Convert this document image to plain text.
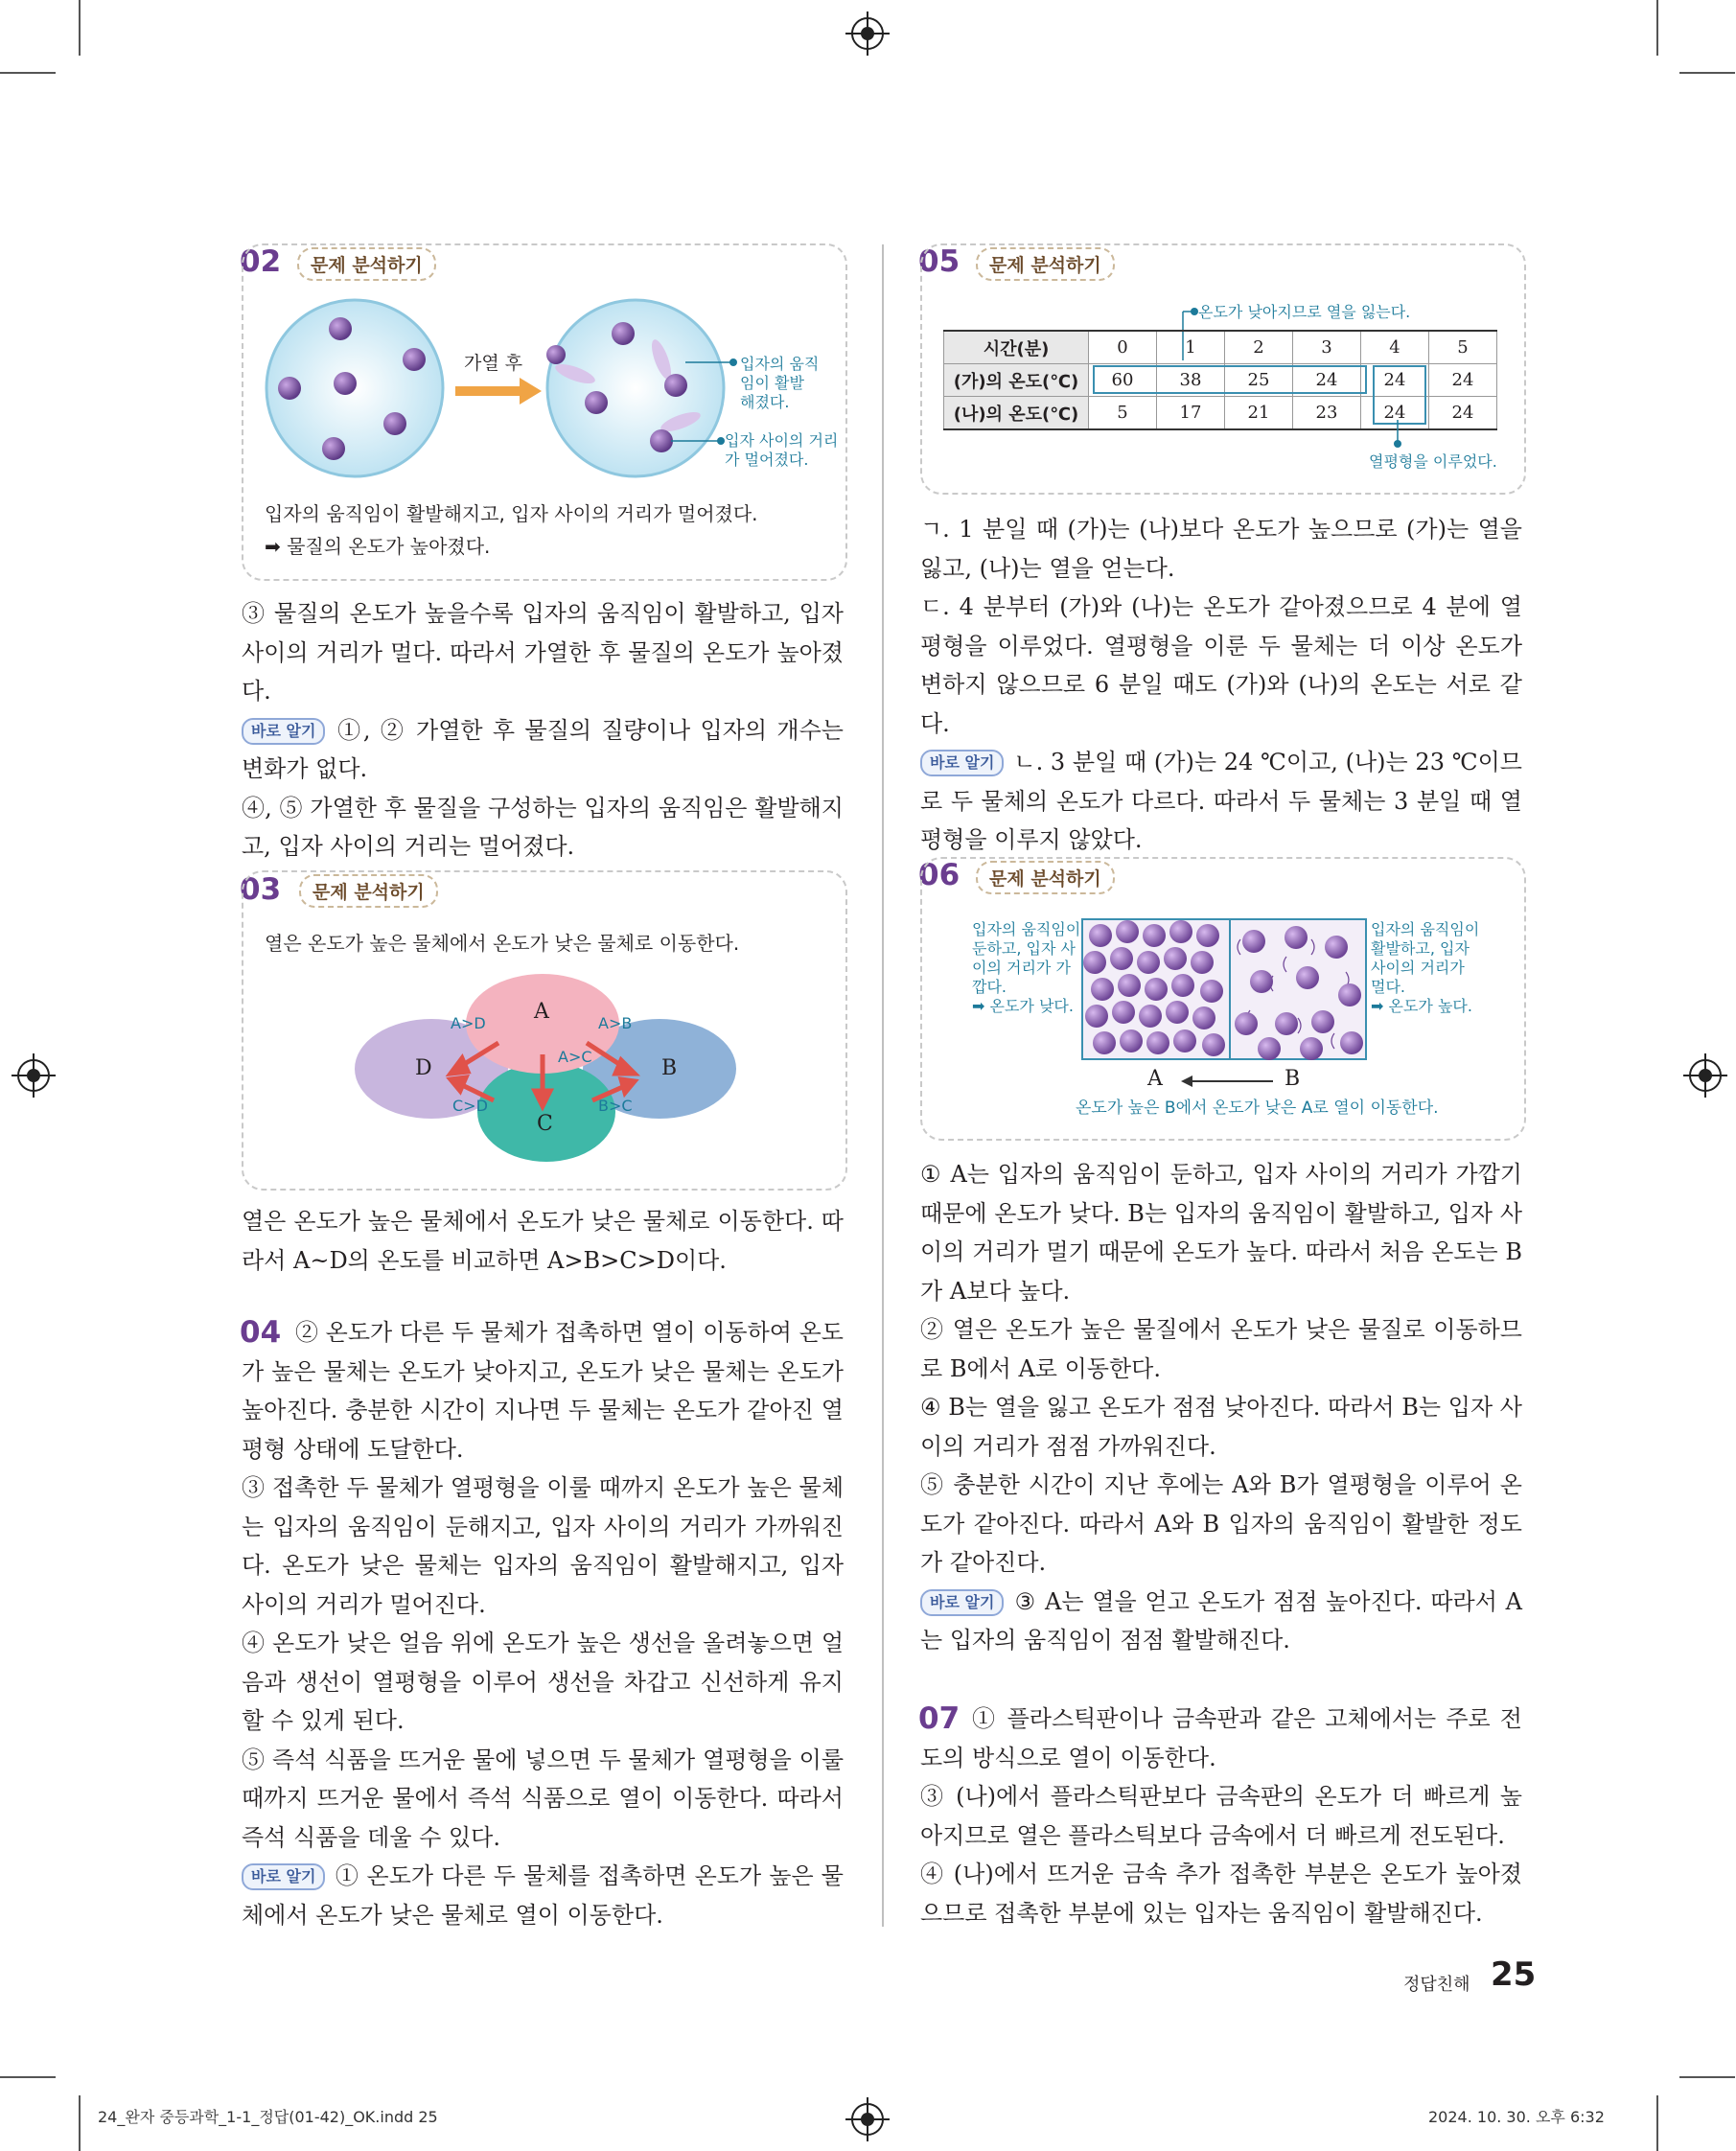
02	문제 분석하기
가열 후	입자의 움직
임이 활발
해졌다.
입자 사이의 거리
가 멀어졌다.
입자의 움직임이 활발해지고, 입자 사이의 거리가 멀어졌다.
➡ 물질의 온도가 높아졌다.

③ 물질의 온도가 높을수록 입자의 움직임이 활발하고, 입자 사이의 거리가 멀다. 따라서 가열한 후 물질의 온도가 높아졌다.

바로 알기 ①, ② 가열한 후 물질의 질량이나 입자의 개수는 변화가 없다.

④, ⑤ 가열한 후 물질을 구성하는 입자의 움직임은 활발해지고, 입자 사이의 거리는 멀어졌다.

03	문제 분석하기
열은 온도가 높은 물체에서 온도가 낮은 물체로 이동한다.
A
D	B
C
A>D	A>B
A>C
C>D	B>C
열은 온도가 높은 물체에서 온도가 낮은 물체로 이동한다. 따라서 A~D의 온도를 비교하면 A>B>C>D이다.
04 ② 온도가 다른 두 물체가 접촉하면 열이 이동하여 온도가 높은 물체는 온도가 낮아지고, 온도가 낮은 물체는 온도가 높아진다. 충분한 시간이 지나면 두 물체는 온도가 같아진 열평형 상태에 도달한다.

③ 접촉한 두 물체가 열평형을 이룰 때까지 온도가 높은 물체는 입자의 움직임이 둔해지고, 입자 사이의 거리가 가까워진다. 온도가 낮은 물체는 입자의 움직임이 활발해지고, 입자 사이의 거리가 멀어진다.

④ 온도가 낮은 얼음 위에 온도가 높은 생선을 올려놓으면 얼음과 생선이 열평형을 이루어 생선을 차갑고 신선하게 유지할 수 있게 된다.

⑤ 즉석 식품을 뜨거운 물에 넣으면 두 물체가 열평형을 이룰 때까지 뜨거운 물에서 즉석 식품으로 열이 이동한다. 따라서 즉석 식품을 데울 수 있다.

바로 알기 ① 온도가 다른 두 물체를 접촉하면 온도가 높은 물체에서 온도가 낮은 물체로 열이 이동한다.

05	문제 분석하기
온도가 낮아지므로 열을 잃는다.
시간(분)	0	1	2	3	4	5
(가)의 온도(℃)	60	38	25	24	24	24
(나)의 온도(℃)	5	17	21	23	24	24
열평형을 이루었다.

ㄱ. 1 분일 때 (가)는 (나)보다 온도가 높으므로 (가)는 열을 잃고, (나)는 열을 얻는다.

ㄷ. 4 분부터 (가)와 (나)는 온도가 같아졌으므로 4 분에 열평형을 이루었다. 열평형을 이룬 두 물체는 더 이상 온도가 변하지 않으므로 6 분일 때도 (가)와 (나)의 온도는 서로 같다.

바로 알기 ㄴ. 3 분일 때 (가)는 24 ℃이고, (나)는 23 ℃이므로 두 물체의 온도가 다르다. 따라서 두 물체는 3 분일 때 열평형을 이루지 않았다.

06	문제 분석하기
입자의 움직임이
둔하고, 입자 사
이의 거리가 가
깝다.
➡ 온도가 낮다.
입자의 움직임이
활발하고, 입자
사이의 거리가
멀다.
➡ 온도가 높다.
A	B
온도가 높은 B에서 온도가 낮은 A로 열이 이동한다.

① A는 입자의 움직임이 둔하고, 입자 사이의 거리가 가깝기 때문에 온도가 낮다. B는 입자의 움직임이 활발하고, 입자 사이의 거리가 멀기 때문에 온도가 높다. 따라서 처음 온도는 B가 A보다 높다.

② 열은 온도가 높은 물질에서 온도가 낮은 물질로 이동하므로 B에서 A로 이동한다.

④ B는 열을 잃고 온도가 점점 낮아진다. 따라서 B는 입자 사이의 거리가 점점 가까워진다.

⑤ 충분한 시간이 지난 후에는 A와 B가 열평형을 이루어 온도가 같아진다. 따라서 A와 B 입자의 움직임이 활발한 정도가 같아진다.

바로 알기 ③ A는 열을 얻고 온도가 점점 높아진다. 따라서 A는 입자의 움직임이 점점 활발해진다.

07 ① 플라스틱판이나 금속판과 같은 고체에서는 주로 전도의 방식으로 열이 이동한다.

③ (나)에서 플라스틱판보다 금속판의 온도가 더 빠르게 높아지므로 열은 플라스틱보다 금속에서 더 빠르게 전도된다.

④ (나)에서 뜨거운 금속 추가 접촉한 부분은 온도가 높아졌으므로 접촉한 부분에 있는 입자는 움직임이 활발해진다.

정답친해 25
24_완자 중등과학_1-1_정답(01-42)_OK.indd 25	2024. 10. 30. 오후 6:32
